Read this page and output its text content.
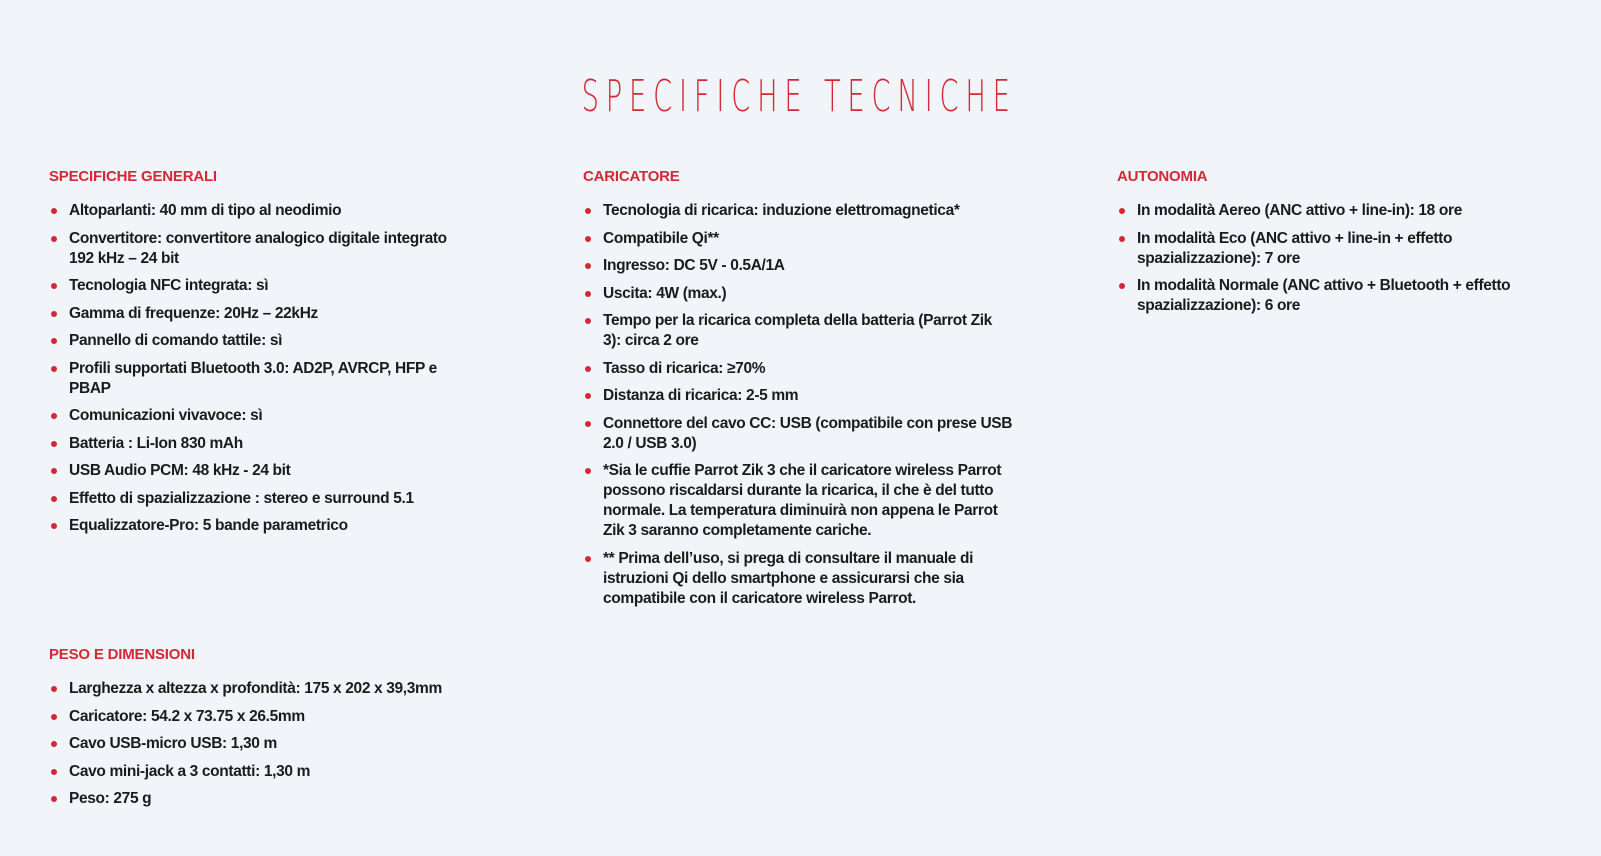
SPECIFICHE TECNICHE
SPECIFICHE GENERALI
Altoparlanti: 40 mm di tipo al neodimio
Convertitore: convertitore analogico digitale integrato 192 kHz – 24 bit
Tecnologia NFC integrata: sì
Gamma di frequenze: 20Hz – 22kHz
Pannello di comando tattile: sì
Profili supportati Bluetooth 3.0: AD2P, AVRCP, HFP e PBAP
Comunicazioni vivavoce: sì
Batteria : Li-Ion 830 mAh
USB Audio PCM: 48 kHz - 24 bit
Effetto di spazializzazione : stereo e surround 5.1
Equalizzatore-Pro: 5 bande parametrico
CARICATORE
Tecnologia di ricarica: induzione elettromagnetica*
Compatibile Qi**
Ingresso: DC 5V - 0.5A/1A
Uscita: 4W (max.)
Tempo per la ricarica completa della batteria (Parrot Zik 3): circa 2 ore
Tasso di ricarica: ≥70%
Distanza di ricarica: 2-5 mm
Connettore del cavo CC: USB (compatibile con prese USB 2.0 / USB 3.0)
*Sia le cuffie Parrot Zik 3 che il caricatore wireless Parrot possono riscaldarsi durante la ricarica, il che è del tutto normale. La temperatura diminuirà non appena le Parrot Zik 3 saranno completamente cariche.
** Prima dell’uso, si prega di consultare il manuale di istruzioni Qi dello smartphone e assicurarsi che sia compatibile con il caricatore wireless Parrot.
AUTONOMIA
In modalità Aereo (ANC attivo + line-in): 18 ore
In modalità Eco (ANC attivo + line-in + effetto spazializzazione): 7 ore
In modalità Normale (ANC attivo + Bluetooth + effetto spazializzazione): 6 ore
PESO E DIMENSIONI
Larghezza x altezza x profondità: 175 x 202 x 39,3mm
Caricatore: 54.2 x 73.75 x 26.5mm
Cavo USB-micro USB: 1,30 m
Cavo mini-jack a 3 contatti: 1,30 m
Peso: 275 g
